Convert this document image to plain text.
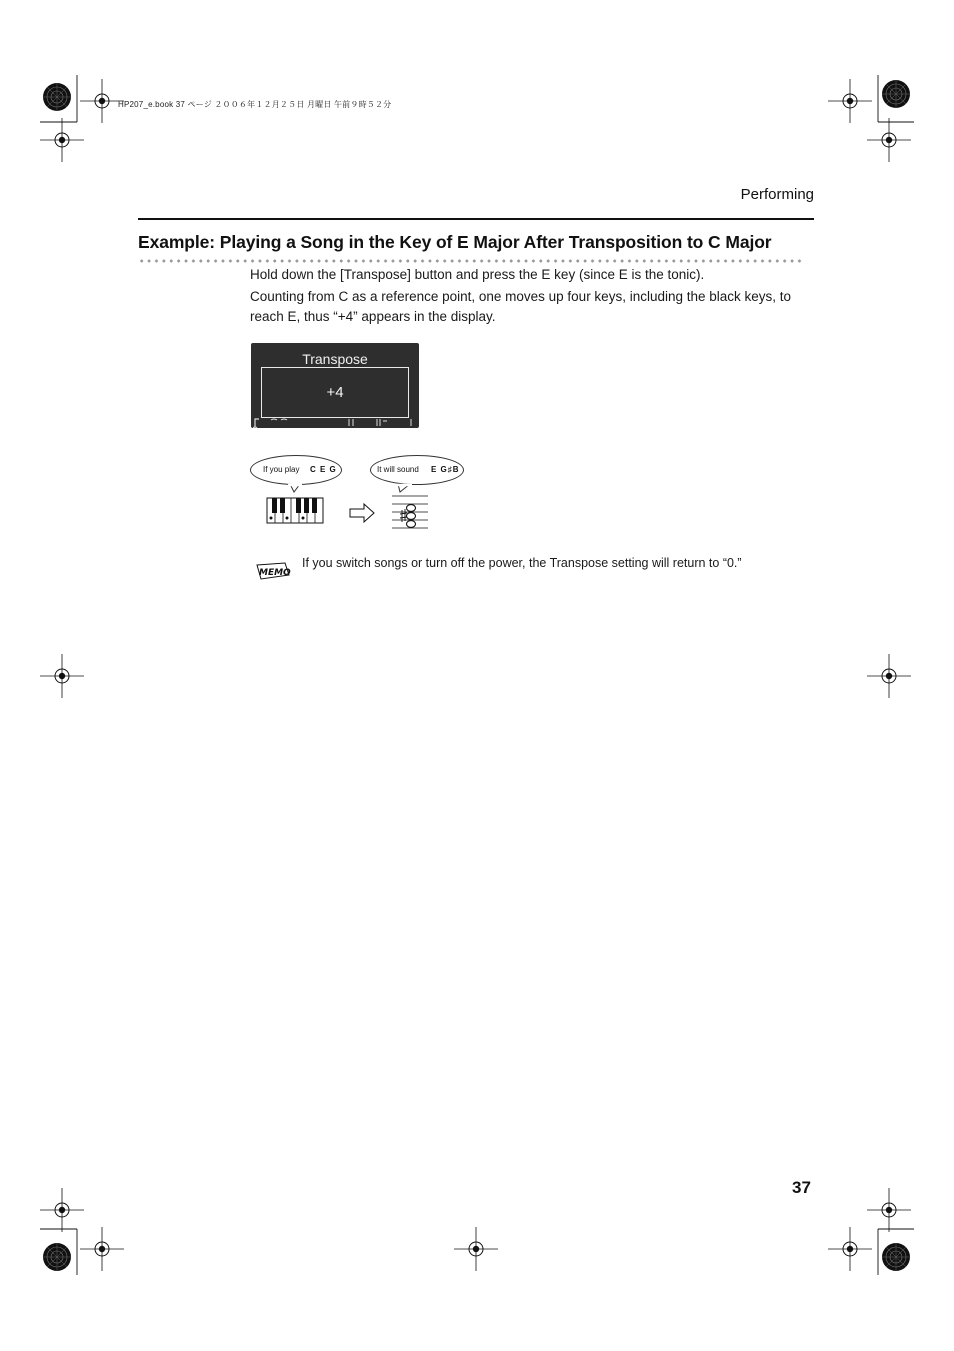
HP207_e.book 37 ページ ２００６年１２月２５日 月曜日 午前９時５２分
Performing
Example: Playing a Song in the Key of E Major After Transposition to C Major
Hold down the [Transpose] button and press the E key (since E is the tonic).
Counting from C as a reference point, one moves up four keys, including the black keys, to reach E, thus “+4” appears in the display.
Transpose
+4
If you play C E G	It will sound E G♯B
MEMO
If you switch songs or turn off the power, the Transpose setting will return to “0.”
37
